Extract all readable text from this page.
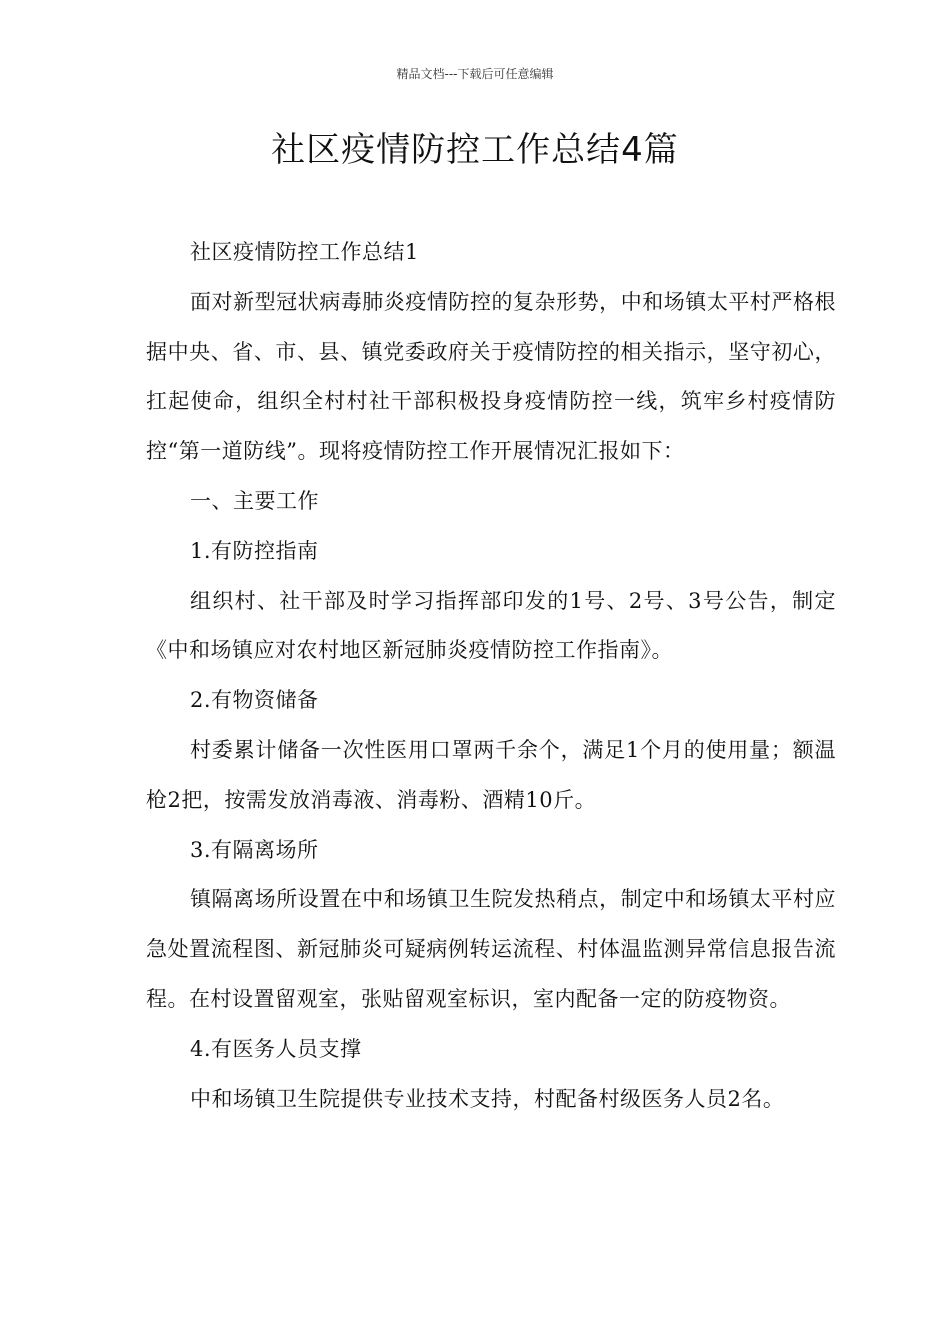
精品文档---下载后可任意编辑
社区疫情防控工作总结4篇

社区疫情防控工作总结1

面对新型冠状病毒肺炎疫情防控的复杂形势，中和场镇太平村严格根据中央、省、市、县、镇党委政府关于疫情防控的相关指示，坚守初心，扛起使命，组织全村村社干部积极投身疫情防控一线，筑牢乡村疫情防控“第一道防线”。现将疫情防控工作开展情况汇报如下：

一、主要工作

1.有防控指南

组织村、社干部及时学习指挥部印发的1号、2号、3号公告，制定《中和场镇应对农村地区新冠肺炎疫情防控工作指南》。

2.有物资储备

村委累计储备一次性医用口罩两千余个，满足1个月的使用量；额温枪2把，按需发放消毒液、消毒粉、酒精10斤。

3.有隔离场所

镇隔离场所设置在中和场镇卫生院发热稍点，制定中和场镇太平村应急处置流程图、新冠肺炎可疑病例转运流程、村体温监测异常信息报告流程。在村设置留观室，张贴留观室标识，室内配备一定的防疫物资。

4.有医务人员支撑

中和场镇卫生院提供专业技术支持，村配备村级医务人员2名。
